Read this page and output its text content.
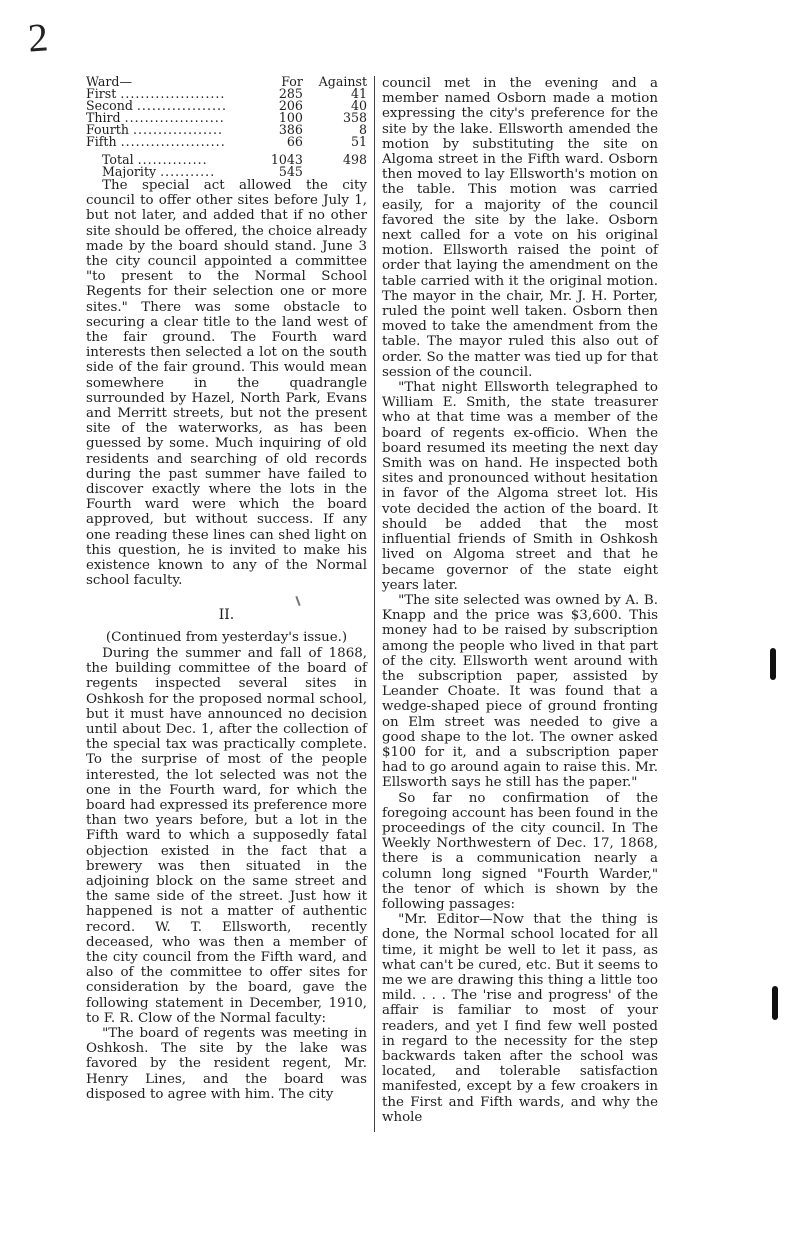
2
Ward—	For	Against
First .....................	285	41
Second ..................	206	40
Third ....................	100	358
Fourth ..................	386	8
Fifth .....................	66	51
Total ..............	1043	498
Majority ...........	545	

The special act allowed the city council to offer other sites before July 1, but not later, and added that if no other site should be offered, the choice already made by the board should stand. June 3 the city council appointed a committee "to present to the Normal School Regents for their selection one or more sites." There was some obstacle to securing a clear title to the land west of the fair ground. The Fourth ward interests then selected a lot on the south side of the fair ground. This would mean somewhere in the quadrangle surrounded by Hazel, North Park, Evans and Merritt streets, but not the present site of the waterworks, as has been guessed by some. Much inquiring of old residents and searching of old records during the past summer have failed to discover exactly where the lots in the Fourth ward were which the board approved, but without success. If any one reading these lines can shed light on this question, he is invited to make his existence known to any of the Normal school faculty.

II.
(Continued from yesterday's issue.)

During the summer and fall of 1868, the building committee of the board of regents inspected several sites in Oshkosh for the proposed normal school, but it must have announced no decision until about Dec. 1, after the collection of the special tax was practically complete. To the surprise of most of the people interested, the lot selected was not the one in the Fourth ward, for which the board had expressed its preference more than two years before, but a lot in the Fifth ward to which a supposedly fatal objection existed in the fact that a brewery was then situated in the adjoining block on the same street and the same side of the street. Just how it happened is not a matter of authentic record. W. T. Ellsworth, recently deceased, who was then a member of the city council from the Fifth ward, and also of the committee to offer sites for consideration by the board, gave the following statement in December, 1910, to F. R. Clow of the Normal faculty:

"The board of regents was meeting in Oshkosh. The site by the lake was favored by the resident regent, Mr. Henry Lines, and the board was disposed to agree with him. The city

council met in the evening and a member named Osborn made a motion expressing the city's preference for the site by the lake. Ellsworth amended the motion by substituting the site on Algoma street in the Fifth ward. Osborn then moved to lay Ellsworth's motion on the table. This motion was carried easily, for a majority of the council favored the site by the lake. Osborn next called for a vote on his original motion. Ellsworth raised the point of order that laying the amendment on the table carried with it the original motion. The mayor in the chair, Mr. J. H. Porter, ruled the point well taken. Osborn then moved to take the amendment from the table. The mayor ruled this also out of order. So the matter was tied up for that session of the council.

"That night Ellsworth telegraphed to William E. Smith, the state treasurer who at that time was a member of the board of regents ex-officio. When the board resumed its meeting the next day Smith was on hand. He inspected both sites and pronounced without hesitation in favor of the Algoma street lot. His vote decided the action of the board. It should be added that the most influential friends of Smith in Oshkosh lived on Algoma street and that he became governor of the state eight years later.

"The site selected was owned by A. B. Knapp and the price was $3,600. This money had to be raised by subscription among the people who lived in that part of the city. Ellsworth went around with the subscription paper, assisted by Leander Choate. It was found that a wedge-shaped piece of ground fronting on Elm street was needed to give a good shape to the lot. The owner asked $100 for it, and a subscription paper had to go around again to raise this. Mr. Ellsworth says he still has the paper."

So far no confirmation of the foregoing account has been found in the proceedings of the city council. In The Weekly Northwestern of Dec. 17, 1868, there is a communication nearly a column long signed "Fourth Warder," the tenor of which is shown by the following passages:

"Mr. Editor—Now that the thing is done, the Normal school located for all time, it might be well to let it pass, as what can't be cured, etc. But it seems to me we are drawing this thing a little too mild. . . . The 'rise and progress' of the affair is familiar to most of your readers, and yet I find few well posted in regard to the necessity for the step backwards taken after the school was located, and tolerable satisfaction manifested, except by a few croakers in the First and Fifth wards, and why the whole
